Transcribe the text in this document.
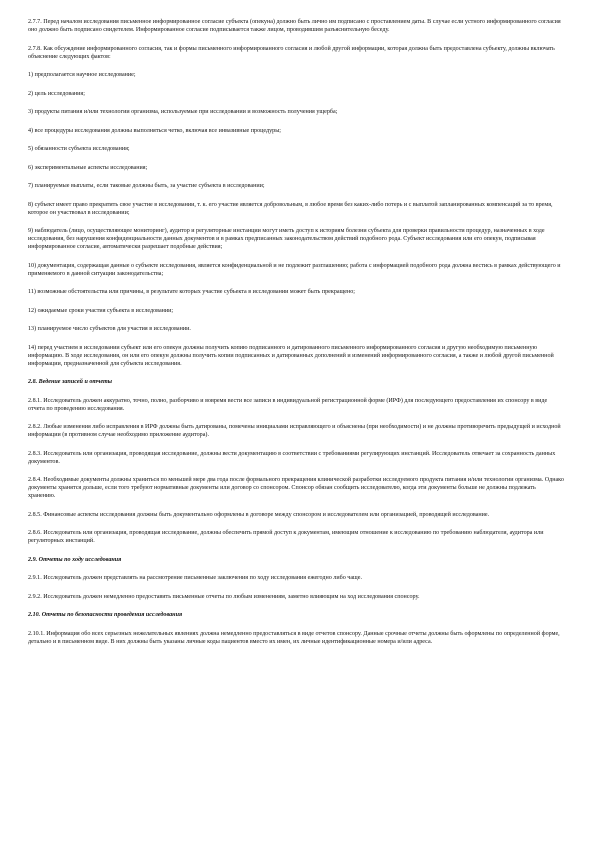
2.7.7. Перед началом исследования письменное информированное согласие субъекта (опекуна) должно быть лично им подписано с проставлением даты. В случае если устного информированного согласия оно должно быть подписано свидетелем. Информированное согласие подписывается также лицом, проводившим разъяснительную беседу.

2.7.8. Как обсуждение информированного согласия, так и формы письменного информированного согласия и любой другой информации, которая должна быть предоставлена субъекту, должны включать объяснение следующих фактов:

1) предполагается научное исследование;

2) цель исследования;

3) продукты питания и/или технологии организма, используемые при исследовании и возможность получения ущерба;

4) все процедуры исследования должны выполняться четко, включая все инвазивные процедуры;

5) обязанности субъекта исследования;

6) экспериментальные аспекты исследования;

7) планируемые выплаты, если таковые должны быть, за участие субъекта в исследовании;

8) субъект имеет право прекратить свое участие в исследовании, т. к. его участие является добровольным, в любое время без каких-либо потерь и с выплатой запланированных компенсаций за то время, которое он участвовал в исследовании;

9) наблюдатель (лицо, осуществляющее мониторинг), аудитор и регуляторные инстанции могут иметь доступ к историям болезни субъекта для проверки правильности процедур, назначенных в ходе исследования, без нарушения конфиденциальности данных документов и в рамках предписанных законодательством действий подобного рода. Субъект исследования или его опекун, подписывая информированное согласие, автоматически разрешает подобные действия;

10) документация, содержащая данные о субъекте исследования, является конфиденциальной и не подлежит разглашению; работа с информацией подобного рода должна вестись в рамках действующего и применяемого в данной ситуации законодательства;

11) возможные обстоятельства или причины, в результате которых участие субъекта в исследовании может быть прекращено;

12) ожидаемые сроки участия субъекта в исследовании;

13) планируемое число субъектов для участия в исследовании.

14) перед участием в исследовании субъект или его опекун должны получить копию подписанного и датированного письменного информированного согласия и другую необходимую письменную информацию. В ходе исследования, он или его опекун должны получить копии подписанных и датированных дополнений и изменений информированного согласия, а также и любой другой письменной информации, предназначенной для субъекта исследования.

2.8. Ведение записей и отчеты

2.8.1. Исследователь должен аккуратно, точно, полно, разборчиво и вовремя вести все записи в индивидуальной регистрационной форме (ИРФ) для последующего предоставления их спонсору в виде отчета по проведению исследования.

2.8.2. Любые изменения либо исправления в ИРФ должны быть датированы, помечены инициалами исправляющего и объяснены (при необходимости) и не должны противоречить предыдущей и исходной информации (в противном случае необходимо приложение аудитора).

2.8.3. Исследователь или организация, проводящая исследование, должны вести документацию в соответствии с требованиями регулирующих инстанций. Исследователь отвечает за сохранность данных документов.

2.8.4. Необходимые документы должны храниться по меньшей мере два года после формального прекращения клинической разработки исследуемого продукта питания и/или технологии организма. Однако документы хранятся дольше, если того требуют нормативные документы или договор со спонсором. Спонсор обязан сообщить исследователю, когда эти документы больше не должны подлежать хранению.

2.8.5. Финансовые аспекты исследования должны быть документально оформлены в договоре между спонсором и исследователем или организацией, проводящей исследование.

2.8.6. Исследователь или организация, проводящая исследование, должны обеспечить прямой доступ к документам, имеющим отношение к исследованию по требованию наблюдателя, аудитора или регуляторных инстанций.

2.9. Отчеты по ходу исследования

2.9.1. Исследователь должен представлять на рассмотрение письменные заключения по ходу исследования ежегодно либо чаще.

2.9.2. Исследователь должен немедленно предоставить письменные отчеты по любым изменениям, заметно влияющим на ход исследования спонсору.

2.10. Отчеты по безопасности проведения исследования

2.10.1. Информация обо всех серьезных нежелательных явлениях должна немедленно предоставляться в виде отчетов спонсору. Данные срочные отчеты должны быть оформлены по определенной форме, детально и в письменном виде. В них должны быть указаны личные коды пациентов вместо их имен, их личные идентификационные номера и/или адреса.
